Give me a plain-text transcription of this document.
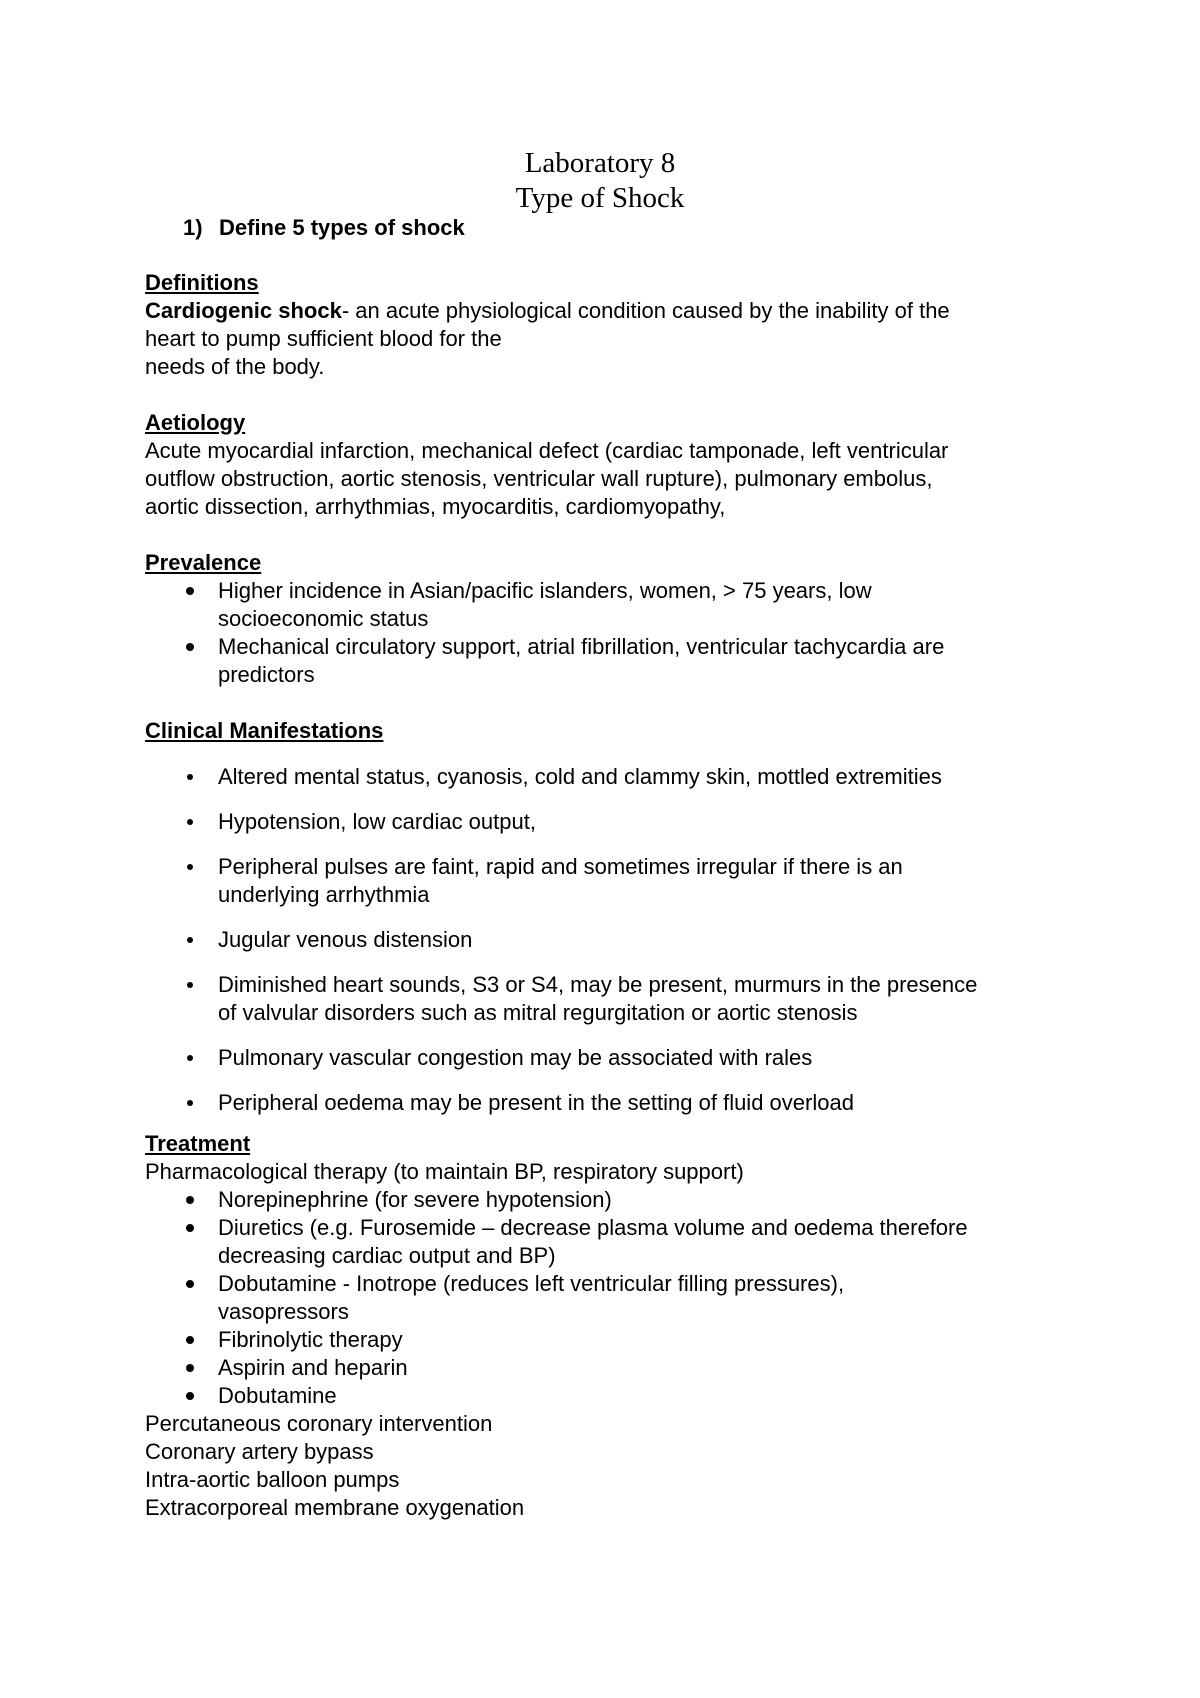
Laboratory 8
Type of Shock
1) Define 5 types of shock
Definitions
Cardiogenic shock- an acute physiological condition caused by the inability of the
heart to pump sufficient blood for the
needs of the body.
Aetiology
Acute myocardial infarction, mechanical defect (cardiac tamponade, left ventricular
outflow obstruction, aortic stenosis, ventricular wall rupture), pulmonary embolus,
aortic dissection, arrhythmias, myocarditis, cardiomyopathy,
Prevalence
Higher incidence in Asian/pacific islanders, women, > 75 years, low
socioeconomic status
Mechanical circulatory support, atrial fibrillation, ventricular tachycardia are
predictors
Clinical Manifestations
Altered mental status, cyanosis, cold and clammy skin, mottled extremities
Hypotension, low cardiac output,
Peripheral pulses are faint, rapid and sometimes irregular if there is an
underlying arrhythmia
Jugular venous distension
Diminished heart sounds, S3 or S4, may be present, murmurs in the presence
of valvular disorders such as mitral regurgitation or aortic stenosis
Pulmonary vascular congestion may be associated with rales
Peripheral oedema may be present in the setting of fluid overload
Treatment
Pharmacological therapy (to maintain BP, respiratory support)
Norepinephrine (for severe hypotension)
Diuretics (e.g. Furosemide – decrease plasma volume and oedema therefore
decreasing cardiac output and BP)
Dobutamine - Inotrope (reduces left ventricular filling pressures),
vasopressors
Fibrinolytic therapy
Aspirin and heparin
Dobutamine
Percutaneous coronary intervention
Coronary artery bypass
Intra-aortic balloon pumps
Extracorporeal membrane oxygenation
